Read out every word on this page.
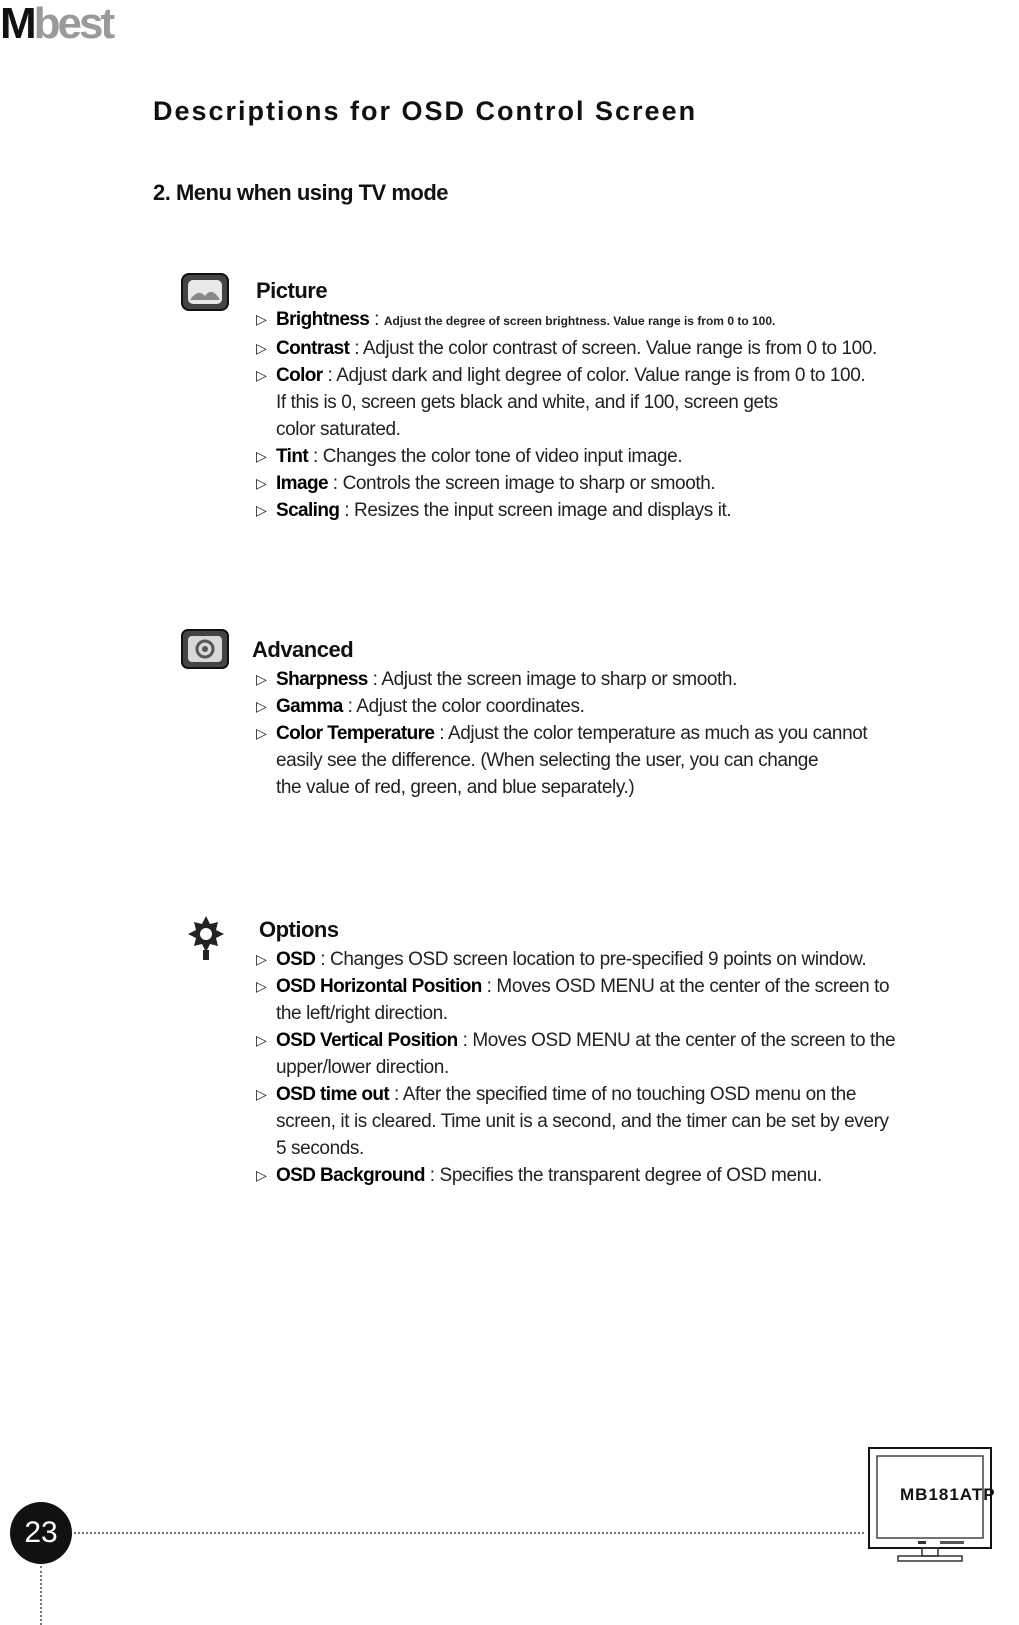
Mbest
Descriptions for OSD Control Screen
2. Menu when using TV mode
Picture
▷ Brightness : Adjust the degree of screen brightness. Value range is from 0 to 100.
▷ Contrast : Adjust the color contrast of screen. Value range is from 0 to 100.
▷ Color : Adjust dark and light degree of color. Value range is from 0 to 100.
If this is 0, screen gets black and white, and if 100, screen gets
color saturated.
▷ Tint : Changes the color tone of video input image.
▷ Image : Controls the screen image to sharp or smooth.
▷ Scaling : Resizes the input screen image and displays it.
Advanced
▷ Sharpness : Adjust the screen image to sharp or smooth.
▷ Gamma : Adjust the color coordinates.
▷ Color Temperature : Adjust the color temperature as much as you cannot
easily see the difference. (When selecting the user, you can change
the value of red, green, and blue separately.)
Options
▷ OSD : Changes OSD screen location to pre-specified 9 points on window.
▷ OSD Horizontal Position : Moves OSD MENU at the center of the screen to
the left/right direction.
▷ OSD Vertical Position : Moves OSD MENU at the center of the screen to the
upper/lower direction.
▷ OSD time out : After the specified time of no touching OSD menu on the
screen, it is cleared. Time unit is a second, and the timer can be set by every
5 seconds.
▷ OSD Background : Specifies the transparent degree of OSD menu.
23
MB181ATP
